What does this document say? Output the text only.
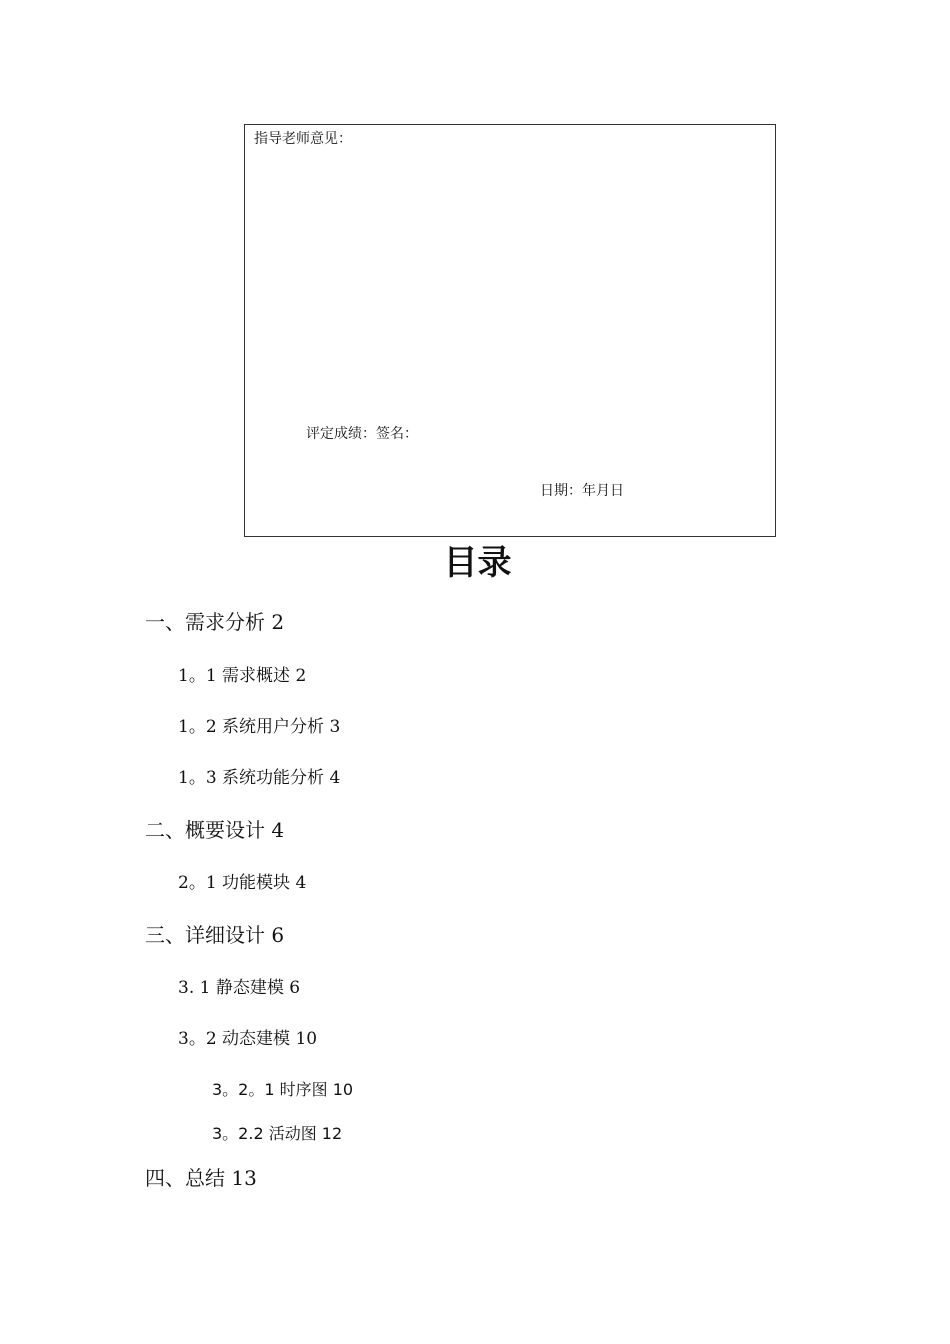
指导老师意见：
评定成绩：签名：
日期：年月日
目录
一、需求分析 2
1。1 需求概述 2
1。2 系统用户分析 3
1。3 系统功能分析 4
二、概要设计 4
2。1 功能模块 4
三、详细设计 6
3. 1 静态建模 6
3。2 动态建模 10
3。2。1 时序图 10
3。2.2 活动图 12
四、总结 13
